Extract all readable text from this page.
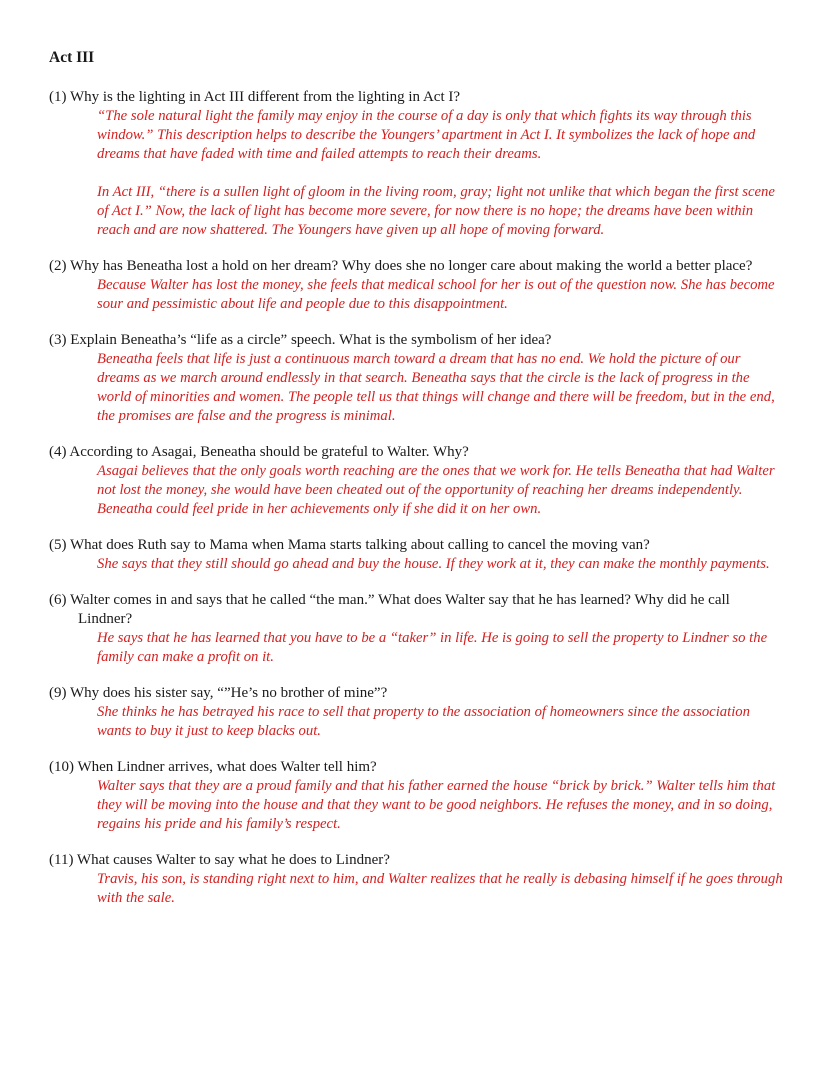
Act III
(1) Why is the lighting in Act III different from the lighting in Act I?

“The sole natural light the family may enjoy in the course of a day is only that which fights its way through this window.” This description helps to describe the Youngers’ apartment in Act I. It symbolizes the lack of hope and dreams that have faded with time and failed attempts to reach their dreams.

In Act III, “there is a sullen light of gloom in the living room, gray; light not unlike that which began the first scene of Act I.” Now, the lack of light has become more severe, for now there is no hope; the dreams have been within reach and are now shattered. The Youngers have given up all hope of moving forward.

(2) Why has Beneatha lost a hold on her dream? Why does she no longer care about making the world a better place?

Because Walter has lost the money, she feels that medical school for her is out of the question now. She has become sour and pessimistic about life and people due to this disappointment.

(3) Explain Beneatha’s “life as a circle” speech. What is the symbolism of her idea?

Beneatha feels that life is just a continuous march toward a dream that has no end. We hold the picture of our dreams as we march around endlessly in that search. Beneatha says that the circle is the lack of progress in the world of minorities and women. The people tell us that things will change and there will be freedom, but in the end, the promises are false and the progress is minimal.

(4) According to Asagai, Beneatha should be grateful to Walter. Why?

Asagai believes that the only goals worth reaching are the ones that we work for. He tells Beneatha that had Walter not lost the money, she would have been cheated out of the opportunity of reaching her dreams independently. Beneatha could feel pride in her achievements only if she did it on her own.

(5) What does Ruth say to Mama when Mama starts talking about calling to cancel the moving van?

She says that they still should go ahead and buy the house. If they work at it, they can make the monthly payments.

(6) Walter comes in and says that he called “the man.” What does Walter say that he has learned? Why did he call Lindner?

He says that he has learned that you have to be a “taker” in life. He is going to sell the property to Lindner so the family can make a profit on it.

(9) Why does his sister say, “”He’s no brother of mine”?

She thinks he has betrayed his race to sell that property to the association of homeowners since the association wants to buy it just to keep blacks out.

(10) When Lindner arrives, what does Walter tell him?

Walter says that they are a proud family and that his father earned the house “brick by brick.” Walter tells him that they will be moving into the house and that they want to be good neighbors. He refuses the money, and in so doing, regains his pride and his family’s respect.

(11) What causes Walter to say what he does to Lindner?

Travis, his son, is standing right next to him, and Walter realizes that he really is debasing himself if he goes through with the sale.
